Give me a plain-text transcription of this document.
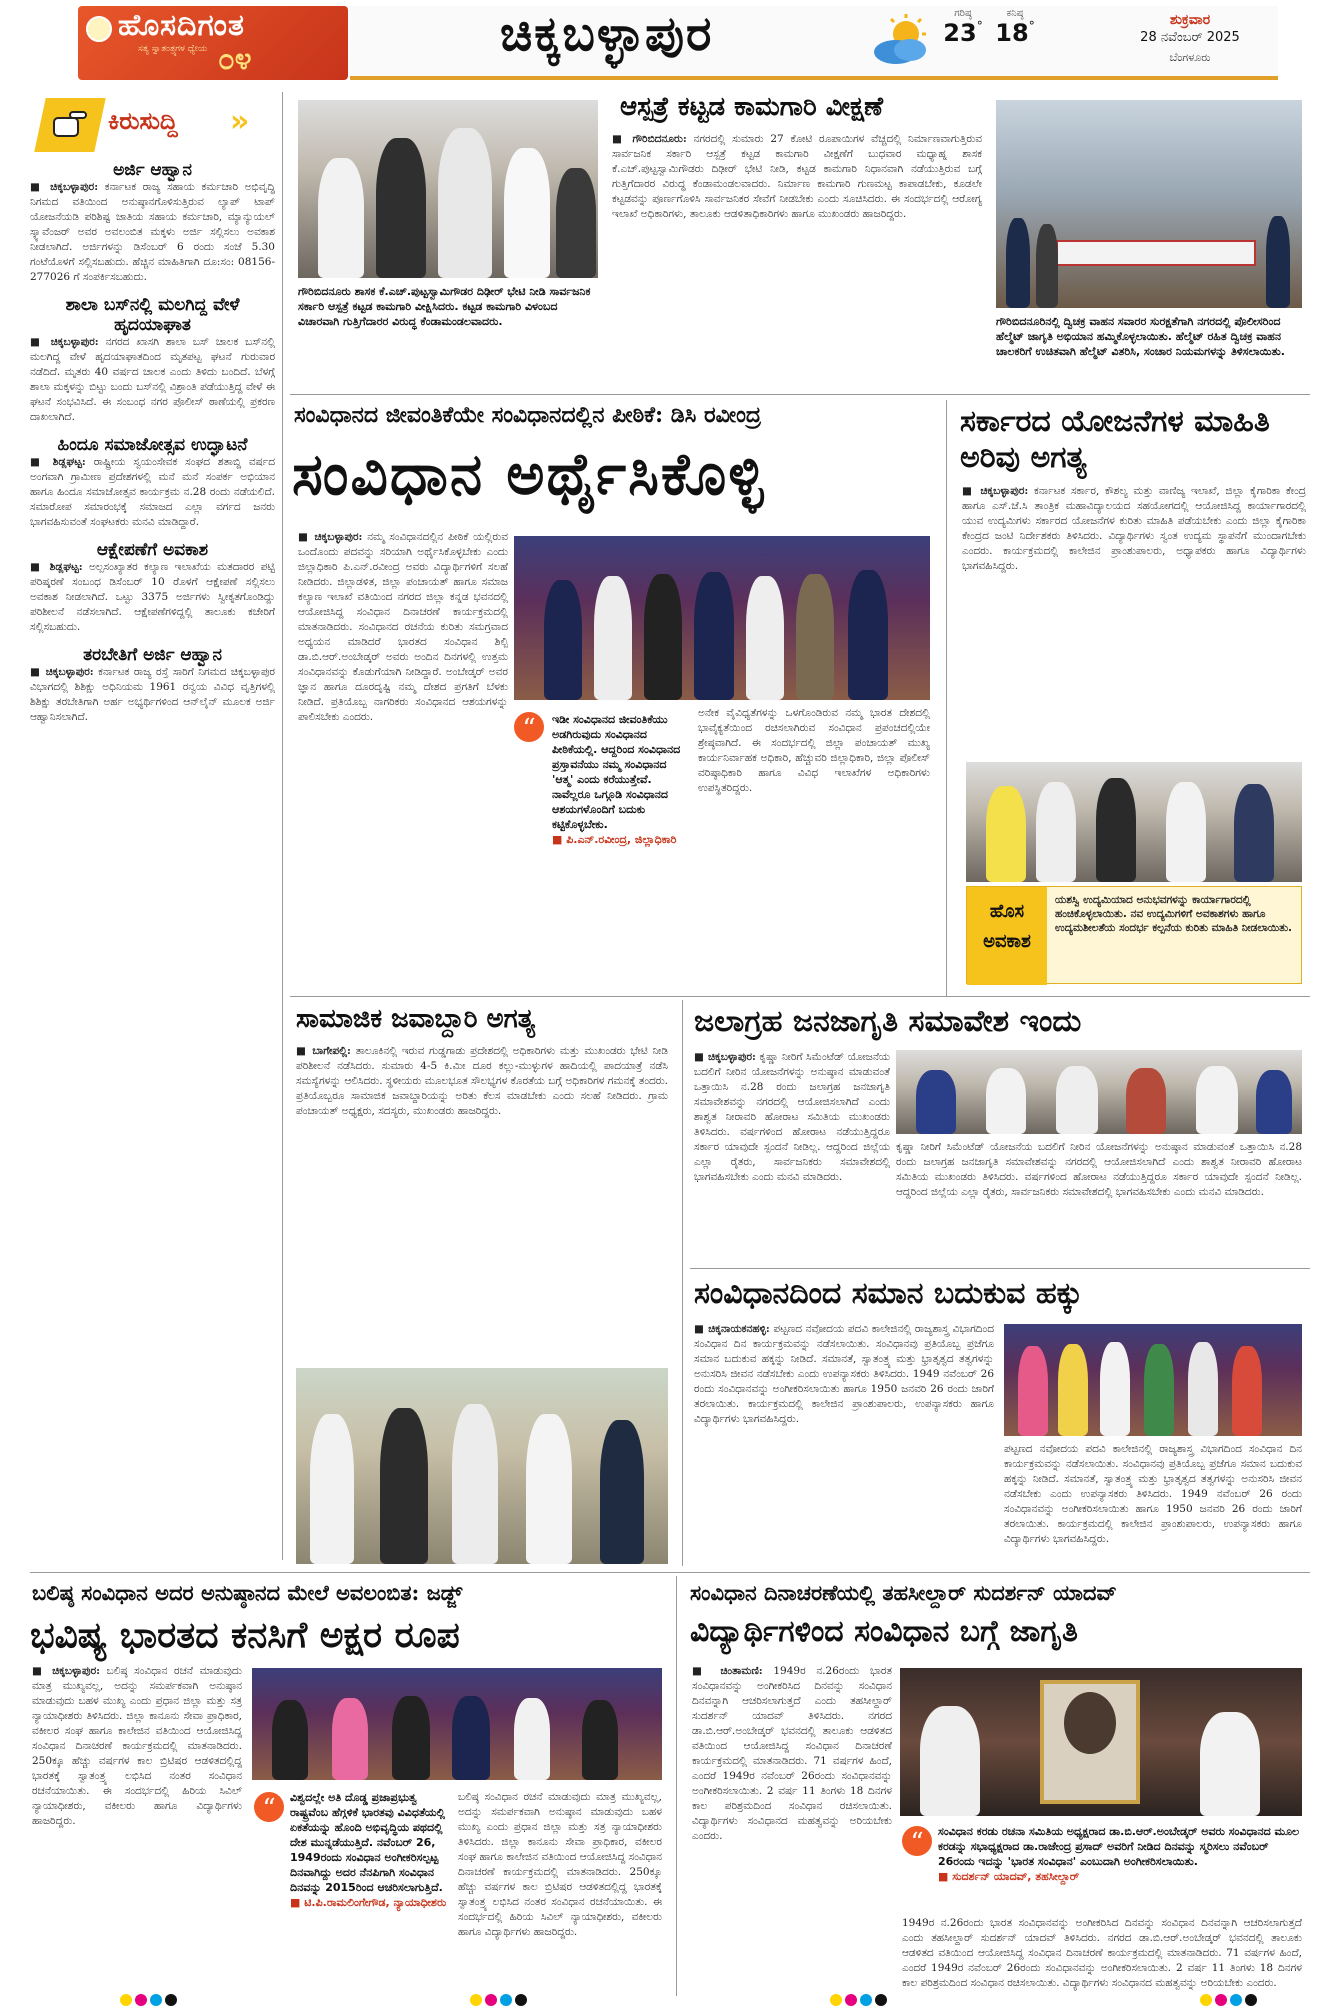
ಹೊಸದಿಗಂತ
ಸತ್ಯ ಸ್ವಾತಂತ್ರ್ಯಗಳ ಧ್ಯೇಯ ೦೪	ಚಿಕ್ಕಬಳ್ಳಾಪುರ	ಗರಿಷ್ಠ
23°
ಕನಿಷ್ಠ
18°	ಶುಕ್ರವಾರ
28 ನವೆಂಬರ್ 2025
ಬೆಂಗಳೂರು
ಕಿರುಸುದ್ದಿ »
ಅರ್ಜಿ ಆಹ್ವಾನ
■ ಚಿಕ್ಕಬಳ್ಳಾಪುರ: ಕರ್ನಾಟಕ ರಾಜ್ಯ ಸಹಾಯ ಕರ್ಮಚಾರಿ ಅಭಿವೃದ್ಧಿ ನಿಗಮದ ವತಿಯಿಂದ ಅನುಷ್ಠಾನಗೊಳಿಸುತ್ತಿರುವ ಲ್ಯಾಪ್ ಟಾಪ್ ಯೋಜನೆಯಡಿ ಪರಿಶಿಷ್ಟ ಜಾತಿಯ ಸಹಾಯ ಕರ್ಮಚಾರಿ, ಮ್ಯಾನ್ಯುಯಲ್ ಸ್ಕ್ಯಾವೆಂಜರ್ ಅವರ ಅವಲಂಬಿತ ಮಕ್ಕಳು ಅರ್ಜಿ ಸಲ್ಲಿಸಲು ಅವಕಾಶ ನೀಡಲಾಗಿದೆ. ಅರ್ಜಿಗಳನ್ನು ಡಿಸೆಂಬರ್ 6 ರಂದು ಸಂಜೆ 5.30 ಗಂಟೆಯೊಳಗೆ ಸಲ್ಲಿಸಬಹುದು. ಹೆಚ್ಚಿನ ಮಾಹಿತಿಗಾಗಿ ದೂ:ಸಂ: 08156-277026 ಗೆ ಸಂಪರ್ಕಿಸಬಹುದು.
ಶಾಲಾ ಬಸ್‌ನಲ್ಲಿ ಮಲಗಿದ್ದ ವೇಳೆ ಹೃದಯಾಘಾತ
■ ಚಿಕ್ಕಬಳ್ಳಾಪುರ: ನಗರದ ಖಾಸಗಿ ಶಾಲಾ ಬಸ್ ಚಾಲಕ ಬಸ್‌ನಲ್ಲಿ ಮಲಗಿದ್ದ ವೇಳೆ ಹೃದಯಾಘಾತದಿಂದ ಮೃತಪಟ್ಟ ಘಟನೆ ಗುರುವಾರ ನಡೆದಿದೆ. ಮೃತರು 40 ವರ್ಷದ ಚಾಲಕ ಎಂದು ತಿಳಿದು ಬಂದಿದೆ. ಬೆಳಗ್ಗೆ ಶಾಲಾ ಮಕ್ಕಳನ್ನು ಬಿಟ್ಟು ಬಂದು ಬಸ್‌ನಲ್ಲಿ ವಿಶ್ರಾಂತಿ ಪಡೆಯುತ್ತಿದ್ದ ವೇಳೆ ಈ ಘಟನೆ ಸಂಭವಿಸಿದೆ. ಈ ಸಂಬಂಧ ನಗರ ಪೊಲೀಸ್ ಠಾಣೆಯಲ್ಲಿ ಪ್ರಕರಣ ದಾಖಲಾಗಿದೆ.
ಹಿಂದೂ ಸಮಾಜೋತ್ಸವ ಉದ್ಘಾಟನೆ
■ ಶಿಡ್ಲಘಟ್ಟ: ರಾಷ್ಟ್ರೀಯ ಸ್ವಯಂಸೇವಕ ಸಂಘದ ಶತಾಬ್ದಿ ವರ್ಷದ ಅಂಗವಾಗಿ ಗ್ರಾಮೀಣ ಪ್ರದೇಶಗಳಲ್ಲಿ ಮನೆ ಮನೆ ಸಂಪರ್ಕ ಅಭಿಯಾನ ಹಾಗೂ ಹಿಂದೂ ಸಮಾಜೋತ್ಸವ ಕಾರ್ಯಕ್ರಮ ನ.28 ರಂದು ನಡೆಯಲಿದೆ. ಸಮಾರೋಪ ಸಮಾರಂಭಕ್ಕೆ ಸಮಾಜದ ಎಲ್ಲಾ ವರ್ಗದ ಜನರು ಭಾಗವಹಿಸುವಂತೆ ಸಂಘಟಕರು ಮನವಿ ಮಾಡಿದ್ದಾರೆ.
ಆಕ್ಷೇಪಣೆಗೆ ಅವಕಾಶ
■ ಶಿಡ್ಲಘಟ್ಟ: ಅಲ್ಪಸಂಖ್ಯಾತರ ಕಲ್ಯಾಣ ಇಲಾಖೆಯ ಮತದಾರರ ಪಟ್ಟಿ ಪರಿಷ್ಕರಣೆ ಸಂಬಂಧ ಡಿಸೆಂಬರ್ 10 ರೊಳಗೆ ಆಕ್ಷೇಪಣೆ ಸಲ್ಲಿಸಲು ಅವಕಾಶ ನೀಡಲಾಗಿದೆ. ಒಟ್ಟು 3375 ಅರ್ಜಿಗಳು ಸ್ವೀಕೃತಗೊಂಡಿದ್ದು ಪರಿಶೀಲನೆ ನಡೆಸಲಾಗಿದೆ. ಆಕ್ಷೇಪಣೆಗಳಿದ್ದಲ್ಲಿ ತಾಲೂಕು ಕಚೇರಿಗೆ ಸಲ್ಲಿಸಬಹುದು.
ತರಬೇತಿಗೆ ಅರ್ಜಿ ಆಹ್ವಾನ
■ ಚಿಕ್ಕಬಳ್ಳಾಪುರ: ಕರ್ನಾಟಕ ರಾಜ್ಯ ರಸ್ತೆ ಸಾರಿಗೆ ನಿಗಮದ ಚಿಕ್ಕಬಳ್ಳಾಪುರ ವಿಭಾಗದಲ್ಲಿ ಶಿಶಿಕ್ಷು ಅಧಿನಿಯಮ 1961 ರನ್ವಯ ವಿವಿಧ ವೃತ್ತಿಗಳಲ್ಲಿ ಶಿಶಿಕ್ಷು ತರಬೇತಿಗಾಗಿ ಅರ್ಹ ಅಭ್ಯರ್ಥಿಗಳಿಂದ ಆನ್‌ಲೈನ್ ಮೂಲಕ ಅರ್ಜಿ ಆಹ್ವಾನಿಸಲಾಗಿದೆ.
ಗೌರಿಬಿದನೂರು ಶಾಸಕ ಕೆ.ಎಚ್.ಪುಟ್ಟಸ್ವಾಮಿಗೌಡರ ದಿಢೀರ್ ಭೇಟಿ ನೀಡಿ ಸಾರ್ವಜನಿಕ ಸರ್ಕಾರಿ ಆಸ್ಪತ್ರೆ ಕಟ್ಟಡ ಕಾಮಗಾರಿ ವೀಕ್ಷಿಸಿದರು. ಕಟ್ಟಡ ಕಾಮಗಾರಿ ವಿಳಂಬದ ವಿಚಾರವಾಗಿ ಗುತ್ತಿಗೆದಾರರ ವಿರುದ್ಧ ಕೆಂಡಾಮಂಡಲವಾದರು.
ಆಸ್ಪತ್ರೆ ಕಟ್ಟಡ ಕಾಮಗಾರಿ ವೀಕ್ಷಣೆ
■ ಗೌರಿಬಿದನೂರು: ನಗರದಲ್ಲಿ ಸುಮಾರು 27 ಕೋಟಿ ರೂಪಾಯಿಗಳ ವೆಚ್ಚದಲ್ಲಿ ನಿರ್ಮಾಣವಾಗುತ್ತಿರುವ ಸಾರ್ವಜನಿಕ ಸರ್ಕಾರಿ ಆಸ್ಪತ್ರೆ ಕಟ್ಟಡ ಕಾಮಗಾರಿ ವೀಕ್ಷಣೆಗೆ ಬುಧವಾರ ಮಧ್ಯಾಹ್ನ ಶಾಸಕ ಕೆ.ಎಚ್.ಪುಟ್ಟಸ್ವಾಮಿಗೌಡರು ದಿಢೀರ್ ಭೇಟಿ ನೀಡಿ, ಕಟ್ಟಡ ಕಾಮಗಾರಿ ನಿಧಾನವಾಗಿ ನಡೆಯುತ್ತಿರುವ ಬಗ್ಗೆ ಗುತ್ತಿಗೆದಾರರ ವಿರುದ್ಧ ಕೆಂಡಾಮಂಡಲವಾದರು. ನಿರ್ಮಾಣ ಕಾಮಗಾರಿ ಗುಣಮಟ್ಟ ಕಾಪಾಡಬೇಕು, ಕೂಡಲೇ ಕಟ್ಟಡವನ್ನು ಪೂರ್ಣಗೊಳಿಸಿ ಸಾರ್ವಜನಿಕರ ಸೇವೆಗೆ ನೀಡಬೇಕು ಎಂದು ಸೂಚಿಸಿದರು. ಈ ಸಂದರ್ಭದಲ್ಲಿ ಆರೋಗ್ಯ ಇಲಾಖೆ ಅಧಿಕಾರಿಗಳು, ತಾಲೂಕು ಆಡಳಿತಾಧಿಕಾರಿಗಳು ಹಾಗೂ ಮುಖಂಡರು ಹಾಜರಿದ್ದರು.
ಗೌರಿಬಿದನೂರಿನಲ್ಲಿ ದ್ವಿಚಕ್ರ ವಾಹನ ಸವಾರರ ಸುರಕ್ಷತೆಗಾಗಿ ನಗರದಲ್ಲಿ ಪೊಲೀಸರಿಂದ ಹೆಲ್ಮೆಟ್ ಜಾಗೃತಿ ಅಭಿಯಾನ ಹಮ್ಮಿಕೊಳ್ಳಲಾಯಿತು. ಹೆಲ್ಮೆಟ್ ರಹಿತ ದ್ವಿಚಕ್ರ ವಾಹನ ಚಾಲಕರಿಗೆ ಉಚಿತವಾಗಿ ಹೆಲ್ಮೆಟ್ ವಿತರಿಸಿ, ಸಂಚಾರ ನಿಯಮಗಳನ್ನು ತಿಳಿಸಲಾಯಿತು.
ಸಂವಿಧಾನದ ಜೀವಂತಿಕೆಯೇ ಸಂವಿಧಾನದಲ್ಲಿನ ಪೀಠಿಕೆ: ಡಿಸಿ ರವೀಂದ್ರ
ಸಂವಿಧಾನ ಅರ್ಥೈಸಿಕೊಳ್ಳಿ
■ ಚಿಕ್ಕಬಳ್ಳಾಪುರ: ನಮ್ಮ ಸಂವಿಧಾನದಲ್ಲಿನ ಪೀಠಿಕೆ ಯಲ್ಲಿರುವ ಒಂದೊಂದು ಪದವನ್ನು ಸರಿಯಾಗಿ ಅರ್ಥೈಸಿಕೊಳ್ಳಬೇಕು ಎಂದು ಜಿಲ್ಲಾಧಿಕಾರಿ ಪಿ.ಎನ್.ರವೀಂದ್ರ ಅವರು ವಿದ್ಯಾರ್ಥಿಗಳಿಗೆ ಸಲಹೆ ನೀಡಿದರು. ಜಿಲ್ಲಾಡಳಿತ, ಜಿಲ್ಲಾ ಪಂಚಾಯತ್ ಹಾಗೂ ಸಮಾಜ ಕಲ್ಯಾಣ ಇಲಾಖೆ ವತಿಯಿಂದ ನಗರದ ಜಿಲ್ಲಾ ಕನ್ನಡ ಭವನದಲ್ಲಿ ಆಯೋಜಿಸಿದ್ದ ಸಂವಿಧಾನ ದಿನಾಚರಣೆ ಕಾರ್ಯಕ್ರಮದಲ್ಲಿ ಮಾತನಾಡಿದರು. ಸಂವಿಧಾನದ ರಚನೆಯ ಕುರಿತು ಸಮಗ್ರವಾದ ಅಧ್ಯಯನ ಮಾಡಿದರೆ ಭಾರತದ ಸಂವಿಧಾನ ಶಿಲ್ಪಿ ಡಾ.ಬಿ.ಆರ್.ಅಂಬೇಡ್ಕರ್ ಅವರು ಅಂದಿನ ದಿನಗಳಲ್ಲಿ ಉತ್ತಮ ಸಂವಿಧಾನವನ್ನು ಕೊಡುಗೆಯಾಗಿ ನೀಡಿದ್ದಾರೆ. ಅಂಬೇಡ್ಕರ್ ಅವರ ಜ್ಞಾನ ಹಾಗೂ ದೂರದೃಷ್ಟಿ ನಮ್ಮ ದೇಶದ ಪ್ರಗತಿಗೆ ಬೆಳಕು ನೀಡಿದೆ. ಪ್ರತಿಯೊಬ್ಬ ನಾಗರಿಕರು ಸಂವಿಧಾನದ ಆಶಯಗಳನ್ನು ಪಾಲಿಸಬೇಕು ಎಂದರು.	“	ಇಡೀ ಸಂವಿಧಾನದ ಜೀವಂತಿಕೆಯು ಅಡಗಿರುವುದು ಸಂವಿಧಾನದ ಪೀಠಿಕೆಯಲ್ಲಿ. ಆದ್ದರಿಂದ ಸಂವಿಧಾನದ ಪ್ರಸ್ತಾವನೆಯು ನಮ್ಮ ಸಂವಿಧಾನದ 'ಆತ್ಮ' ಎಂದು ಕರೆಯುತ್ತೇವೆ. ನಾವೆಲ್ಲರೂ ಒಗ್ಗೂಡಿ ಸಂವಿಧಾನದ ಆಶಯಗಳೊಂದಿಗೆ ಬದುಕು ಕಟ್ಟಿಕೊಳ್ಳಬೇಕು.
■ ಪಿ.ಎನ್.ರವೀಂದ್ರ, ಜಿಲ್ಲಾಧಿಕಾರಿ
ಅನೇಕ ವೈವಿಧ್ಯತೆಗಳನ್ನು ಒಳಗೊಂಡಿರುವ ನಮ್ಮ ಭಾರತ ದೇಶದಲ್ಲಿ ಭಾವೈಕ್ಯತೆಯಿಂದ ರಚಿಸಲಾಗಿರುವ ಸಂವಿಧಾನ ಪ್ರಪಂಚದಲ್ಲಿಯೇ ಶ್ರೇಷ್ಠವಾಗಿದೆ. ಈ ಸಂದರ್ಭದಲ್ಲಿ ಜಿಲ್ಲಾ ಪಂಚಾಯತ್ ಮುಖ್ಯ ಕಾರ್ಯನಿರ್ವಾಹಕ ಅಧಿಕಾರಿ, ಹೆಚ್ಚುವರಿ ಜಿಲ್ಲಾಧಿಕಾರಿ, ಜಿಲ್ಲಾ ಪೊಲೀಸ್ ವರಿಷ್ಠಾಧಿಕಾರಿ ಹಾಗೂ ವಿವಿಧ ಇಲಾಖೆಗಳ ಅಧಿಕಾರಿಗಳು ಉಪಸ್ಥಿತರಿದ್ದರು.
ಸರ್ಕಾರದ ಯೋಜನೆಗಳ ಮಾಹಿತಿ ಅರಿವು ಅಗತ್ಯ
■ ಚಿಕ್ಕಬಳ್ಳಾಪುರ: ಕರ್ನಾಟಕ ಸರ್ಕಾರ, ಕೌಶಲ್ಯ ಮತ್ತು ವಾಣಿಜ್ಯ ಇಲಾಖೆ, ಜಿಲ್ಲಾ ಕೈಗಾರಿಕಾ ಕೇಂದ್ರ ಹಾಗೂ ಎಸ್.ಜೆ.ಸಿ ತಾಂತ್ರಿಕ ಮಹಾವಿದ್ಯಾಲಯದ ಸಹಯೋಗದಲ್ಲಿ ಆಯೋಜಿಸಿದ್ದ ಕಾರ್ಯಾಗಾರದಲ್ಲಿ ಯುವ ಉದ್ಯಮಿಗಳು ಸರ್ಕಾರದ ಯೋಜನೆಗಳ ಕುರಿತು ಮಾಹಿತಿ ಪಡೆಯಬೇಕು ಎಂದು ಜಿಲ್ಲಾ ಕೈಗಾರಿಕಾ ಕೇಂದ್ರದ ಜಂಟಿ ನಿರ್ದೇಶಕರು ತಿಳಿಸಿದರು. ವಿದ್ಯಾರ್ಥಿಗಳು ಸ್ವಂತ ಉದ್ಯಮ ಸ್ಥಾಪನೆಗೆ ಮುಂದಾಗಬೇಕು ಎಂದರು. ಕಾರ್ಯಕ್ರಮದಲ್ಲಿ ಕಾಲೇಜಿನ ಪ್ರಾಂಶುಪಾಲರು, ಅಧ್ಯಾಪಕರು ಹಾಗೂ ವಿದ್ಯಾರ್ಥಿಗಳು ಭಾಗವಹಿಸಿದ್ದರು.
ಹೊಸ
ಅವಕಾಶ
ಯಶಸ್ವಿ ಉದ್ಯಮಿಯಾದ ಅನುಭವಗಳನ್ನು ಕಾರ್ಯಾಗಾರದಲ್ಲಿ ಹಂಚಿಕೊಳ್ಳಲಾಯಿತು. ನವ ಉದ್ಯಮಿಗಳಿಗೆ ಅವಕಾಶಗಳು ಹಾಗೂ ಉದ್ಯಮಶೀಲತೆಯ ಸಂದರ್ಭ ಕಲ್ಪನೆಯ ಕುರಿತು ಮಾಹಿತಿ ನೀಡಲಾಯಿತು.
ಸಾಮಾಜಿಕ ಜವಾಬ್ದಾರಿ ಅಗತ್ಯ
■ ಬಾಗೇಪಲ್ಲಿ: ತಾಲೂಕಿನಲ್ಲಿ ಇರುವ ಗುಡ್ಡಗಾಡು ಪ್ರದೇಶದಲ್ಲಿ ಅಧಿಕಾರಿಗಳು ಮತ್ತು ಮುಖಂಡರು ಭೇಟಿ ನೀಡಿ ಪರಿಶೀಲನೆ ನಡೆಸಿದರು. ಸುಮಾರು 4-5 ಕಿ.ಮೀ ದೂರ ಕಲ್ಲು-ಮುಳ್ಳುಗಳ ಹಾದಿಯಲ್ಲಿ ಪಾದಯಾತ್ರೆ ನಡೆಸಿ ಸಮಸ್ಯೆಗಳನ್ನು ಆಲಿಸಿದರು. ಸ್ಥಳೀಯರು ಮೂಲಭೂತ ಸೌಲಭ್ಯಗಳ ಕೊರತೆಯ ಬಗ್ಗೆ ಅಧಿಕಾರಿಗಳ ಗಮನಕ್ಕೆ ತಂದರು. ಪ್ರತಿಯೊಬ್ಬರೂ ಸಾಮಾಜಿಕ ಜವಾಬ್ದಾರಿಯನ್ನು ಅರಿತು ಕೆಲಸ ಮಾಡಬೇಕು ಎಂದು ಸಲಹೆ ನೀಡಿದರು. ಗ್ರಾಮ ಪಂಚಾಯತ್ ಅಧ್ಯಕ್ಷರು, ಸದಸ್ಯರು, ಮುಖಂಡರು ಹಾಜರಿದ್ದರು.
ಜಲಾಗ್ರಹ ಜನಜಾಗೃತಿ ಸಮಾವೇಶ ಇಂದು
■ ಚಿಕ್ಕಬಳ್ಳಾಪುರ: ಕೃಷ್ಣಾ ನೀರಿಗೆ ಸಿಮೆಂಟೆಡ್ ಯೋಜನೆಯ ಬದಲಿಗೆ ನೀರಿನ ಯೋಜನೆಗಳನ್ನು ಅನುಷ್ಠಾನ ಮಾಡುವಂತೆ ಒತ್ತಾಯಿಸಿ ನ.28 ರಂದು ಜಲಾಗ್ರಹ ಜನಜಾಗೃತಿ ಸಮಾವೇಶವನ್ನು ನಗರದಲ್ಲಿ ಆಯೋಜಿಸಲಾಗಿದೆ ಎಂದು ಶಾಶ್ವತ ನೀರಾವರಿ ಹೋರಾಟ ಸಮಿತಿಯ ಮುಖಂಡರು ತಿಳಿಸಿದರು. ವರ್ಷಗಳಿಂದ ಹೋರಾಟ ನಡೆಯುತ್ತಿದ್ದರೂ ಸರ್ಕಾರ ಯಾವುದೇ ಸ್ಪಂದನೆ ನೀಡಿಲ್ಲ. ಆದ್ದರಿಂದ ಜಿಲ್ಲೆಯ ಎಲ್ಲಾ ರೈತರು, ಸಾರ್ವಜನಿಕರು ಸಮಾವೇಶದಲ್ಲಿ ಭಾಗವಹಿಸಬೇಕು ಎಂದು ಮನವಿ ಮಾಡಿದರು.
ಕೃಷ್ಣಾ ನೀರಿಗೆ ಸಿಮೆಂಟೆಡ್ ಯೋಜನೆಯ ಬದಲಿಗೆ ನೀರಿನ ಯೋಜನೆಗಳನ್ನು ಅನುಷ್ಠಾನ ಮಾಡುವಂತೆ ಒತ್ತಾಯಿಸಿ ನ.28 ರಂದು ಜಲಾಗ್ರಹ ಜನಜಾಗೃತಿ ಸಮಾವೇಶವನ್ನು ನಗರದಲ್ಲಿ ಆಯೋಜಿಸಲಾಗಿದೆ ಎಂದು ಶಾಶ್ವತ ನೀರಾವರಿ ಹೋರಾಟ ಸಮಿತಿಯ ಮುಖಂಡರು ತಿಳಿಸಿದರು. ವರ್ಷಗಳಿಂದ ಹೋರಾಟ ನಡೆಯುತ್ತಿದ್ದರೂ ಸರ್ಕಾರ ಯಾವುದೇ ಸ್ಪಂದನೆ ನೀಡಿಲ್ಲ. ಆದ್ದರಿಂದ ಜಿಲ್ಲೆಯ ಎಲ್ಲಾ ರೈತರು, ಸಾರ್ವಜನಿಕರು ಸಮಾವೇಶದಲ್ಲಿ ಭಾಗವಹಿಸಬೇಕು ಎಂದು ಮನವಿ ಮಾಡಿದರು.
ಸಂವಿಧಾನದಿಂದ ಸಮಾನ ಬದುಕುವ ಹಕ್ಕು
■ ಚಿಕ್ಕನಾಯಕನಹಳ್ಳಿ: ಪಟ್ಟಣದ ನವೋದಯ ಪದವಿ ಕಾಲೇಜಿನಲ್ಲಿ ರಾಜ್ಯಶಾಸ್ತ್ರ ವಿಭಾಗದಿಂದ ಸಂವಿಧಾನ ದಿನ ಕಾರ್ಯಕ್ರಮವನ್ನು ನಡೆಸಲಾಯಿತು. ಸಂವಿಧಾನವು ಪ್ರತಿಯೊಬ್ಬ ಪ್ರಜೆಗೂ ಸಮಾನ ಬದುಕುವ ಹಕ್ಕನ್ನು ನೀಡಿದೆ. ಸಮಾನತೆ, ಸ್ವಾತಂತ್ರ್ಯ ಮತ್ತು ಭ್ರಾತೃತ್ವದ ತತ್ವಗಳನ್ನು ಅನುಸರಿಸಿ ಜೀವನ ನಡೆಸಬೇಕು ಎಂದು ಉಪನ್ಯಾಸಕರು ತಿಳಿಸಿದರು. 1949 ನವೆಂಬರ್ 26 ರಂದು ಸಂವಿಧಾನವನ್ನು ಅಂಗೀಕರಿಸಲಾಯಿತು ಹಾಗೂ 1950 ಜನವರಿ 26 ರಂದು ಜಾರಿಗೆ ತರಲಾಯಿತು. ಕಾರ್ಯಕ್ರಮದಲ್ಲಿ ಕಾಲೇಜಿನ ಪ್ರಾಂಶುಪಾಲರು, ಉಪನ್ಯಾಸಕರು ಹಾಗೂ ವಿದ್ಯಾರ್ಥಿಗಳು ಭಾಗವಹಿಸಿದ್ದರು.
ಪಟ್ಟಣದ ನವೋದಯ ಪದವಿ ಕಾಲೇಜಿನಲ್ಲಿ ರಾಜ್ಯಶಾಸ್ತ್ರ ವಿಭಾಗದಿಂದ ಸಂವಿಧಾನ ದಿನ ಕಾರ್ಯಕ್ರಮವನ್ನು ನಡೆಸಲಾಯಿತು. ಸಂವಿಧಾನವು ಪ್ರತಿಯೊಬ್ಬ ಪ್ರಜೆಗೂ ಸಮಾನ ಬದುಕುವ ಹಕ್ಕನ್ನು ನೀಡಿದೆ. ಸಮಾನತೆ, ಸ್ವಾತಂತ್ರ್ಯ ಮತ್ತು ಭ್ರಾತೃತ್ವದ ತತ್ವಗಳನ್ನು ಅನುಸರಿಸಿ ಜೀವನ ನಡೆಸಬೇಕು ಎಂದು ಉಪನ್ಯಾಸಕರು ತಿಳಿಸಿದರು. 1949 ನವೆಂಬರ್ 26 ರಂದು ಸಂವಿಧಾನವನ್ನು ಅಂಗೀಕರಿಸಲಾಯಿತು ಹಾಗೂ 1950 ಜನವರಿ 26 ರಂದು ಜಾರಿಗೆ ತರಲಾಯಿತು. ಕಾರ್ಯಕ್ರಮದಲ್ಲಿ ಕಾಲೇಜಿನ ಪ್ರಾಂಶುಪಾಲರು, ಉಪನ್ಯಾಸಕರು ಹಾಗೂ ವಿದ್ಯಾರ್ಥಿಗಳು ಭಾಗವಹಿಸಿದ್ದರು.
ಬಲಿಷ್ಠ ಸಂವಿಧಾನ ಅದರ ಅನುಷ್ಠಾನದ ಮೇಲೆ ಅವಲಂಬಿತ: ಜಡ್ಜ್
ಭವಿಷ್ಯ ಭಾರತದ ಕನಸಿಗೆ ಅಕ್ಷರ ರೂಪ
■ ಚಿಕ್ಕಬಳ್ಳಾಪುರ: ಬಲಿಷ್ಠ ಸಂವಿಧಾನ ರಚನೆ ಮಾಡುವುದು ಮಾತ್ರ ಮುಖ್ಯವಲ್ಲ, ಅದನ್ನು ಸಮರ್ಪಕವಾಗಿ ಅನುಷ್ಠಾನ ಮಾಡುವುದು ಬಹಳ ಮುಖ್ಯ ಎಂದು ಪ್ರಧಾನ ಜಿಲ್ಲಾ ಮತ್ತು ಸತ್ರ ನ್ಯಾಯಾಧೀಶರು ತಿಳಿಸಿದರು. ಜಿಲ್ಲಾ ಕಾನೂನು ಸೇವಾ ಪ್ರಾಧಿಕಾರ, ವಕೀಲರ ಸಂಘ ಹಾಗೂ ಕಾಲೇಜಿನ ವತಿಯಿಂದ ಆಯೋಜಿಸಿದ್ದ ಸಂವಿಧಾನ ದಿನಾಚರಣೆ ಕಾರ್ಯಕ್ರಮದಲ್ಲಿ ಮಾತನಾಡಿದರು. 250ಕ್ಕೂ ಹೆಚ್ಚು ವರ್ಷಗಳ ಕಾಲ ಬ್ರಿಟಿಷರ ಆಡಳಿತದಲ್ಲಿದ್ದ ಭಾರತಕ್ಕೆ ಸ್ವಾತಂತ್ರ್ಯ ಲಭಿಸಿದ ನಂತರ ಸಂವಿಧಾನ ರಚನೆಯಾಯಿತು. ಈ ಸಂದರ್ಭದಲ್ಲಿ ಹಿರಿಯ ಸಿವಿಲ್ ನ್ಯಾಯಾಧೀಶರು, ವಕೀಲರು ಹಾಗೂ ವಿದ್ಯಾರ್ಥಿಗಳು ಹಾಜರಿದ್ದರು.	“	ವಿಶ್ವದಲ್ಲೇ ಅತಿ ದೊಡ್ಡ ಪ್ರಜಾಪ್ರಭುತ್ವ ರಾಷ್ಟ್ರವೆಂಬ ಹೆಗ್ಗಳಿಕೆ ಭಾರತವು ವಿವಿಧತೆಯಲ್ಲಿ ಏಕತೆಯನ್ನು ಹೊಂದಿ ಅಭಿವೃದ್ಧಿಯ ಪಥದಲ್ಲಿ ದೇಶ ಮುನ್ನಡೆಯುತ್ತಿದೆ. ನವೆಂಬರ್ 26, 1949ರಂದು ಸಂವಿಧಾನ ಅಂಗೀಕರಿಸಲ್ಪಟ್ಟ ದಿನವಾಗಿದ್ದು ಅದರ ನೆನಪಿಗಾಗಿ ಸಂವಿಧಾನ ದಿನವನ್ನು 2015ರಿಂದ ಆಚರಿಸಲಾಗುತ್ತಿದೆ.
■ ಟಿ.ಪಿ.ರಾಮಲಿಂಗೇಗೌಡ, ನ್ಯಾಯಾಧೀಶರು
ಬಲಿಷ್ಠ ಸಂವಿಧಾನ ರಚನೆ ಮಾಡುವುದು ಮಾತ್ರ ಮುಖ್ಯವಲ್ಲ, ಅದನ್ನು ಸಮರ್ಪಕವಾಗಿ ಅನುಷ್ಠಾನ ಮಾಡುವುದು ಬಹಳ ಮುಖ್ಯ ಎಂದು ಪ್ರಧಾನ ಜಿಲ್ಲಾ ಮತ್ತು ಸತ್ರ ನ್ಯಾಯಾಧೀಶರು ತಿಳಿಸಿದರು. ಜಿಲ್ಲಾ ಕಾನೂನು ಸೇವಾ ಪ್ರಾಧಿಕಾರ, ವಕೀಲರ ಸಂಘ ಹಾಗೂ ಕಾಲೇಜಿನ ವತಿಯಿಂದ ಆಯೋಜಿಸಿದ್ದ ಸಂವಿಧಾನ ದಿನಾಚರಣೆ ಕಾರ್ಯಕ್ರಮದಲ್ಲಿ ಮಾತನಾಡಿದರು. 250ಕ್ಕೂ ಹೆಚ್ಚು ವರ್ಷಗಳ ಕಾಲ ಬ್ರಿಟಿಷರ ಆಡಳಿತದಲ್ಲಿದ್ದ ಭಾರತಕ್ಕೆ ಸ್ವಾತಂತ್ರ್ಯ ಲಭಿಸಿದ ನಂತರ ಸಂವಿಧಾನ ರಚನೆಯಾಯಿತು. ಈ ಸಂದರ್ಭದಲ್ಲಿ ಹಿರಿಯ ಸಿವಿಲ್ ನ್ಯಾಯಾಧೀಶರು, ವಕೀಲರು ಹಾಗೂ ವಿದ್ಯಾರ್ಥಿಗಳು ಹಾಜರಿದ್ದರು.
ಸಂವಿಧಾನ ದಿನಾಚರಣೆಯಲ್ಲಿ ತಹಸೀಲ್ದಾರ್ ಸುದರ್ಶನ್ ಯಾದವ್
ವಿದ್ಯಾರ್ಥಿಗಳಿಂದ ಸಂವಿಧಾನ ಬಗ್ಗೆ ಜಾಗೃತಿ
■ ಚಿಂತಾಮಣಿ: 1949ರ ನ.26ರಂದು ಭಾರತ ಸಂವಿಧಾನವನ್ನು ಅಂಗೀಕರಿಸಿದ ದಿನವನ್ನು ಸಂವಿಧಾನ ದಿನವನ್ನಾಗಿ ಆಚರಿಸಲಾಗುತ್ತದೆ ಎಂದು ತಹಸೀಲ್ದಾರ್ ಸುದರ್ಶನ್ ಯಾದವ್ ತಿಳಿಸಿದರು. ನಗರದ ಡಾ.ಬಿ.ಆರ್.ಅಂಬೇಡ್ಕರ್ ಭವನದಲ್ಲಿ ತಾಲೂಕು ಆಡಳಿತದ ವತಿಯಿಂದ ಆಯೋಜಿಸಿದ್ದ ಸಂವಿಧಾನ ದಿನಾಚರಣೆ ಕಾರ್ಯಕ್ರಮದಲ್ಲಿ ಮಾತನಾಡಿದರು. 71 ವರ್ಷಗಳ ಹಿಂದೆ, ಎಂದರೆ 1949ರ ನವೆಂಬರ್ 26ರಂದು ಸಂವಿಧಾನವನ್ನು ಅಂಗೀಕರಿಸಲಾಯಿತು. 2 ವರ್ಷ 11 ತಿಂಗಳು 18 ದಿನಗಳ ಕಾಲ ಪರಿಶ್ರಮದಿಂದ ಸಂವಿಧಾನ ರಚಿಸಲಾಯಿತು. ವಿದ್ಯಾರ್ಥಿಗಳು ಸಂವಿಧಾನದ ಮಹತ್ವವನ್ನು ಅರಿಯಬೇಕು ಎಂದರು.	“	ಸಂವಿಧಾನ ಕರಡು ರಚನಾ ಸಮಿತಿಯ ಅಧ್ಯಕ್ಷರಾದ ಡಾ.ಬಿ.ಆರ್.ಅಂಬೇಡ್ಕರ್ ಅವರು ಸಂವಿಧಾನದ ಮೂಲ ಕರಡನ್ನು ಸಭಾಧ್ಯಕ್ಷರಾದ ಡಾ.ರಾಜೇಂದ್ರ ಪ್ರಸಾದ್ ಅವರಿಗೆ ನೀಡಿದ ದಿನವನ್ನು ಸ್ಮರಿಸಲು ನವೆಂಬರ್ 26ರಂದು ಇದನ್ನು 'ಭಾರತ ಸಂವಿಧಾನ' ಎಂಬುದಾಗಿ ಅಂಗೀಕರಿಸಲಾಯಿತು.
■ ಸುದರ್ಶನ್ ಯಾದವ್, ತಹಸೀಲ್ದಾರ್
1949ರ ನ.26ರಂದು ಭಾರತ ಸಂವಿಧಾನವನ್ನು ಅಂಗೀಕರಿಸಿದ ದಿನವನ್ನು ಸಂವಿಧಾನ ದಿನವನ್ನಾಗಿ ಆಚರಿಸಲಾಗುತ್ತದೆ ಎಂದು ತಹಸೀಲ್ದಾರ್ ಸುದರ್ಶನ್ ಯಾದವ್ ತಿಳಿಸಿದರು. ನಗರದ ಡಾ.ಬಿ.ಆರ್.ಅಂಬೇಡ್ಕರ್ ಭವನದಲ್ಲಿ ತಾಲೂಕು ಆಡಳಿತದ ವತಿಯಿಂದ ಆಯೋಜಿಸಿದ್ದ ಸಂವಿಧಾನ ದಿನಾಚರಣೆ ಕಾರ್ಯಕ್ರಮದಲ್ಲಿ ಮಾತನಾಡಿದರು. 71 ವರ್ಷಗಳ ಹಿಂದೆ, ಎಂದರೆ 1949ರ ನವೆಂಬರ್ 26ರಂದು ಸಂವಿಧಾನವನ್ನು ಅಂಗೀಕರಿಸಲಾಯಿತು. 2 ವರ್ಷ 11 ತಿಂಗಳು 18 ದಿನಗಳ ಕಾಲ ಪರಿಶ್ರಮದಿಂದ ಸಂವಿಧಾನ ರಚಿಸಲಾಯಿತು. ವಿದ್ಯಾರ್ಥಿಗಳು ಸಂವಿಧಾನದ ಮಹತ್ವವನ್ನು ಅರಿಯಬೇಕು ಎಂದರು.
